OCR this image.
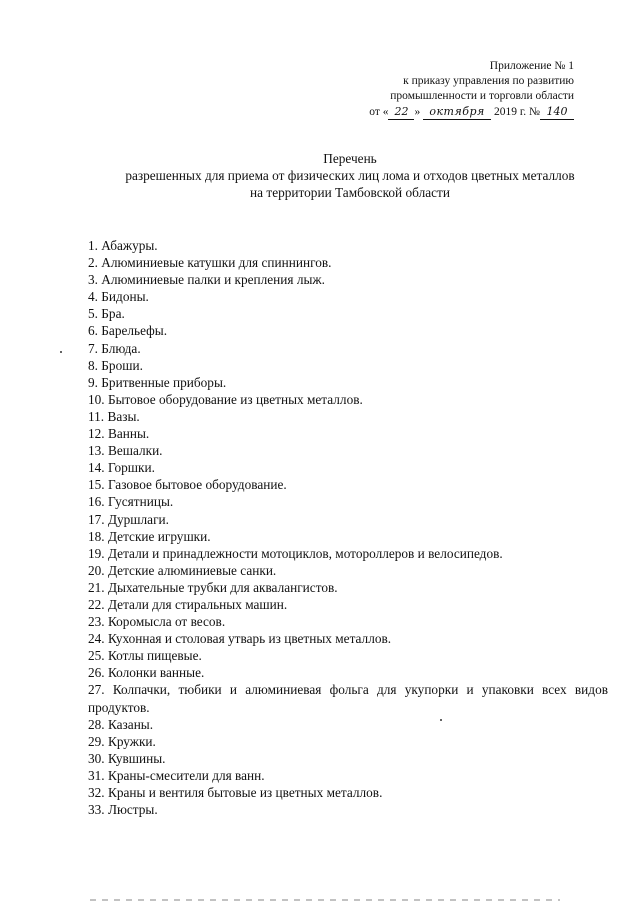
Приложение № 1
к приказу управления по развитию
промышленности и торговли области
от « 22 » октября 2019 г. № 140
Перечень
разрешенных для приема от физических лиц лома и отходов цветных металлов
на территории Тамбовской области
1. Абажуры.
2. Алюминиевые катушки для спиннингов.
3. Алюминиевые палки и крепления лыж.
4. Бидоны.
5. Бра.
6. Барельефы.
7. Блюда.
8. Броши.
9. Бритвенные приборы.
10. Бытовое оборудование из цветных металлов.
11. Вазы.
12. Ванны.
13. Вешалки.
14. Горшки.
15. Газовое бытовое оборудование.
16. Гусятницы.
17. Дуршлаги.
18. Детские игрушки.
19. Детали и принадлежности мотоциклов, мотороллеров и велосипедов.
20. Детские алюминиевые санки.
21. Дыхательные трубки для аквалангистов.
22. Детали для стиральных машин.
23. Коромысла от весов.
24. Кухонная и столовая утварь из цветных металлов.
25. Котлы пищевые.
26. Колонки ванные.
27. Колпачки, тюбики и алюминиевая фольга для укупорки и упаковки всех видов продуктов.
28. Казаны.
29. Кружки.
30. Кувшины.
31. Краны-смесители для ванн.
32. Краны и вентиля бытовые из цветных металлов.
33. Люстры.
